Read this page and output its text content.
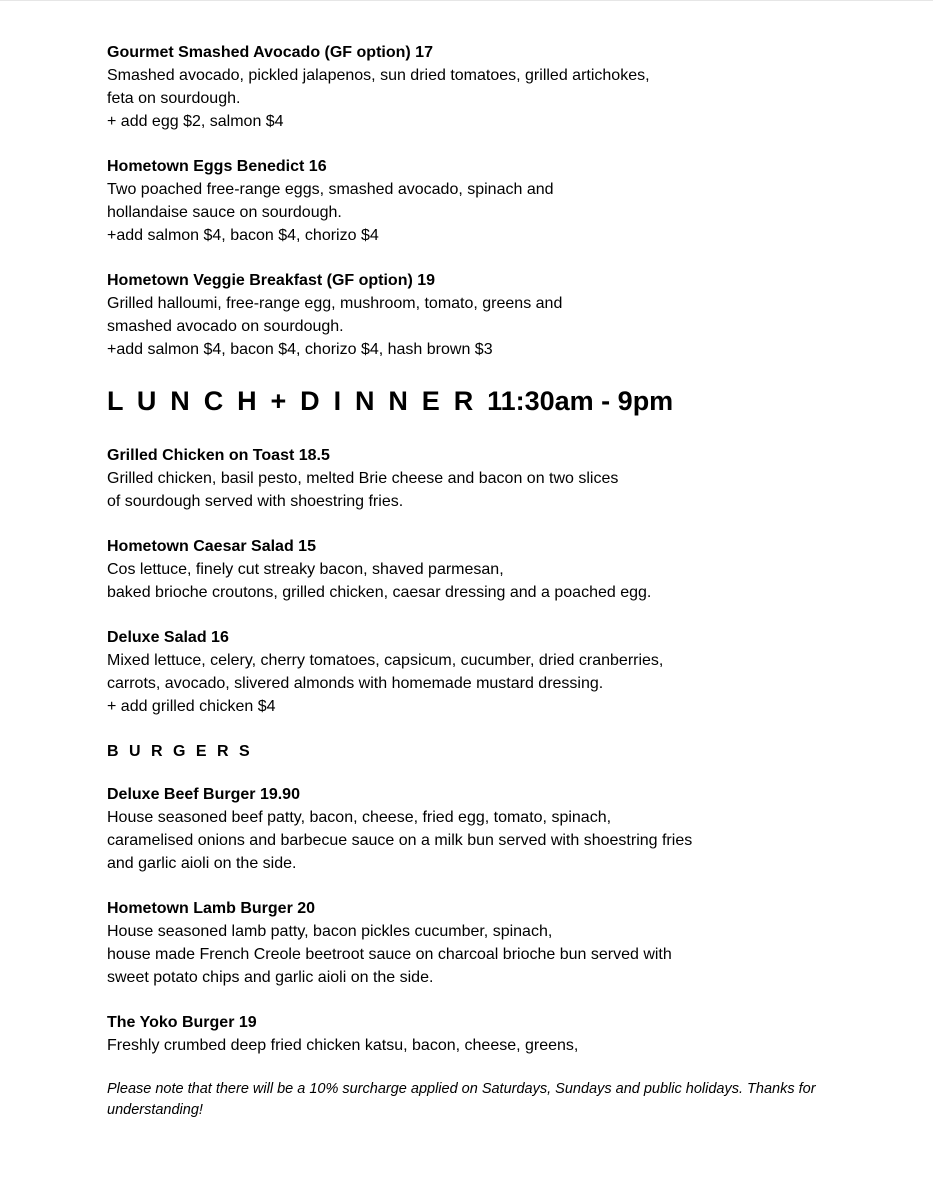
Gourmet Smashed Avocado (GF option) 17

Smashed avocado, pickled jalapenos, sun dried tomatoes, grilled artichokes,

feta on sourdough.

+ add egg $2, salmon $4

Hometown Eggs Benedict 16

Two poached free-range eggs, smashed avocado, spinach and

hollandaise sauce on sourdough.

+add salmon $4, bacon $4, chorizo $4

Hometown Veggie Breakfast (GF option) 19

Grilled halloumi, free-range egg, mushroom, tomato, greens and

smashed avocado on sourdough.

+add salmon $4, bacon $4, chorizo $4, hash brown $3

L U N C H + D I N N E R 11:30am - 9pm

Grilled Chicken on Toast 18.5

Grilled chicken, basil pesto, melted Brie cheese and bacon on two slices

of sourdough served with shoestring fries.

Hometown Caesar Salad 15

Cos lettuce, finely cut streaky bacon, shaved parmesan,

baked brioche croutons, grilled chicken, caesar dressing and a poached egg.

Deluxe Salad 16

Mixed lettuce, celery, cherry tomatoes, capsicum, cucumber, dried cranberries,

carrots, avocado, slivered almonds with homemade mustard dressing.

+ add grilled chicken $4

B U R G E R S

Deluxe Beef Burger 19.90

House seasoned beef patty, bacon, cheese, fried egg, tomato, spinach,

caramelised onions and barbecue sauce on a milk bun served with shoestring fries

and garlic aioli on the side.

Hometown Lamb Burger 20

House seasoned lamb patty, bacon pickles cucumber, spinach,

house made French Creole beetroot sauce on charcoal brioche bun served with

sweet potato chips and garlic aioli on the side.

The Yoko Burger 19

Freshly crumbed deep fried chicken katsu, bacon, cheese, greens,

Please note that there will be a 10% surcharge applied on Saturdays, Sundays and public holidays. Thanks for understanding!
